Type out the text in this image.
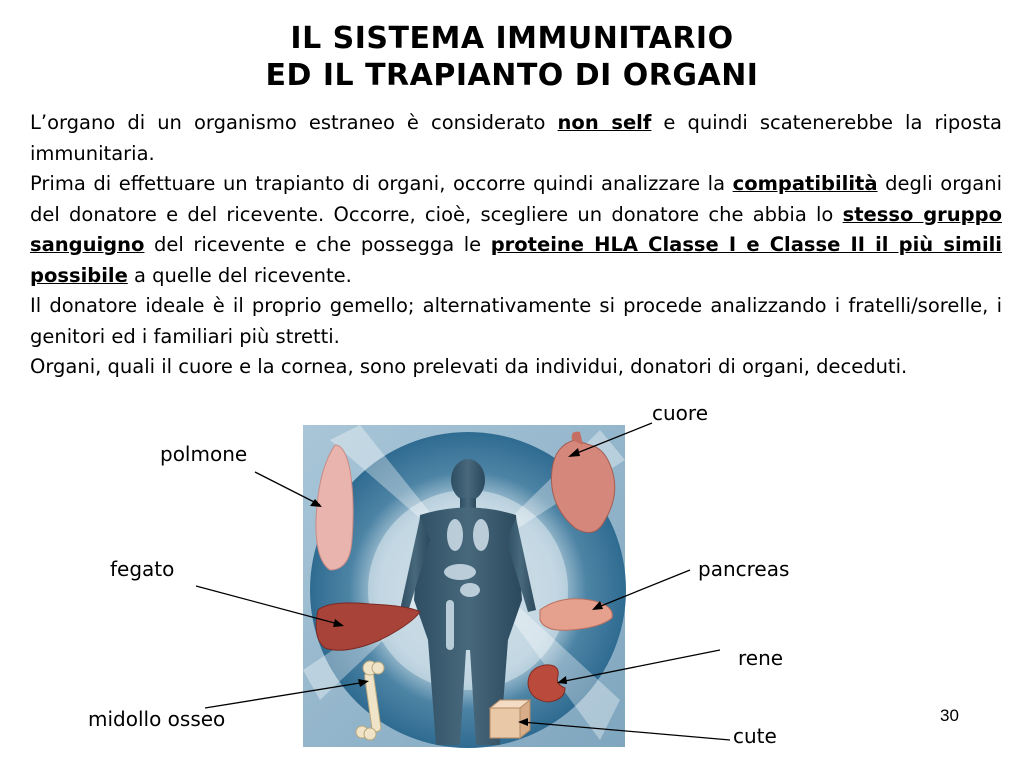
IL SISTEMA IMMUNITARIO
ED IL TRAPIANTO DI ORGANI

L’organo di un organismo estraneo è considerato non self e quindi scatenerebbe la riposta immunitaria.

Prima di effettuare un trapianto di organi, occorre quindi analizzare la compatibilità degli organi del donatore e del ricevente. Occorre, cioè, scegliere un donatore che abbia lo stesso gruppo sanguigno del ricevente e che possegga le proteine HLA Classe I e Classe II il più simili possibile a quelle del ricevente.

Il donatore ideale è il proprio gemello; alternativamente si procede analizzando i fratelli/sorelle, i genitori ed i familiari più stretti.

Organi, quali il cuore e la cornea, sono prelevati da individui, donatori di organi, deceduti.

cuore
polmone
fegato	pancreas
rene
midollo osseo
cute
30
